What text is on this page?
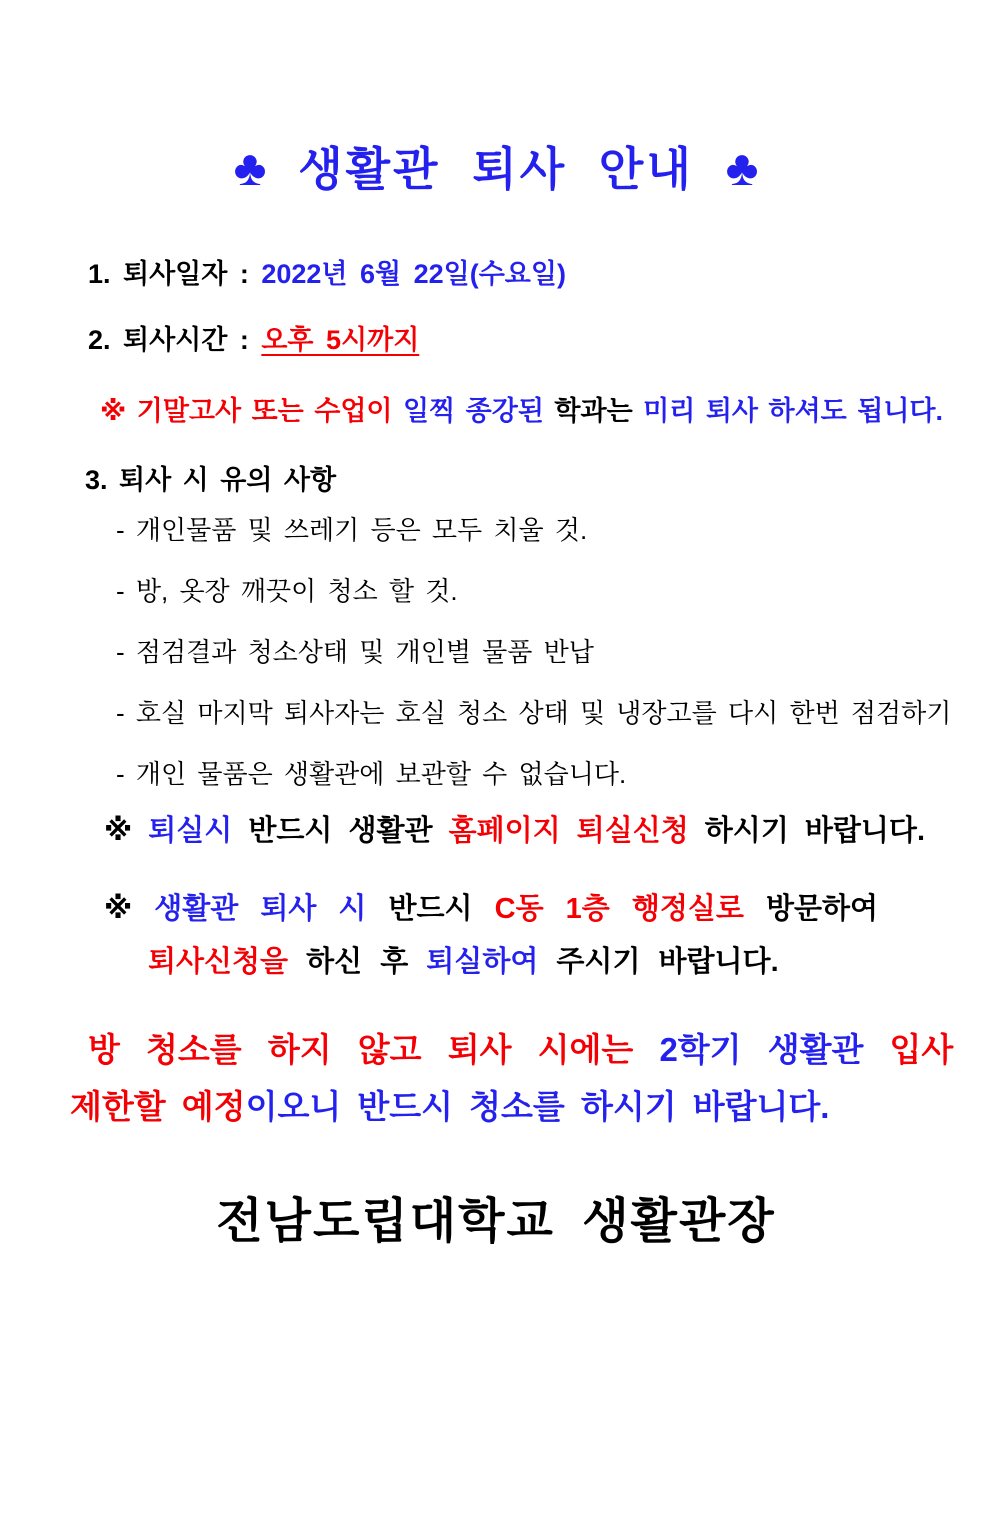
♣ 생활관 퇴사 안내 ♣
1. 퇴사일자 : 2022년 6월 22일(수요일)
2. 퇴사시간 : 오후 5시까지
※ 기말고사 또는 수업이 일찍 종강된 학과는 미리 퇴사 하셔도 됩니다.
3. 퇴사 시 유의 사항
- 개인물품 및 쓰레기 등은 모두 치울 것.
- 방, 옷장 깨끗이 청소 할 것.
- 점검결과 청소상태 및 개인별 물품 반납
- 호실 마지막 퇴사자는 호실 청소 상태 및 냉장고를 다시 한번 점검하기
- 개인 물품은 생활관에 보관할 수 없습니다.
※ 퇴실시 반드시 생활관 홈페이지 퇴실신청 하시기 바랍니다.
※ 생활관 퇴사 시 반드시 C동 1층 행정실로 방문하여
퇴사신청을 하신 후 퇴실하여 주시기 바랍니다.
방 청소를 하지 않고 퇴사 시에는 2학기 생활관 입사
제한할 예정이오니 반드시 청소를 하시기 바랍니다.
전남도립대학교 생활관장
